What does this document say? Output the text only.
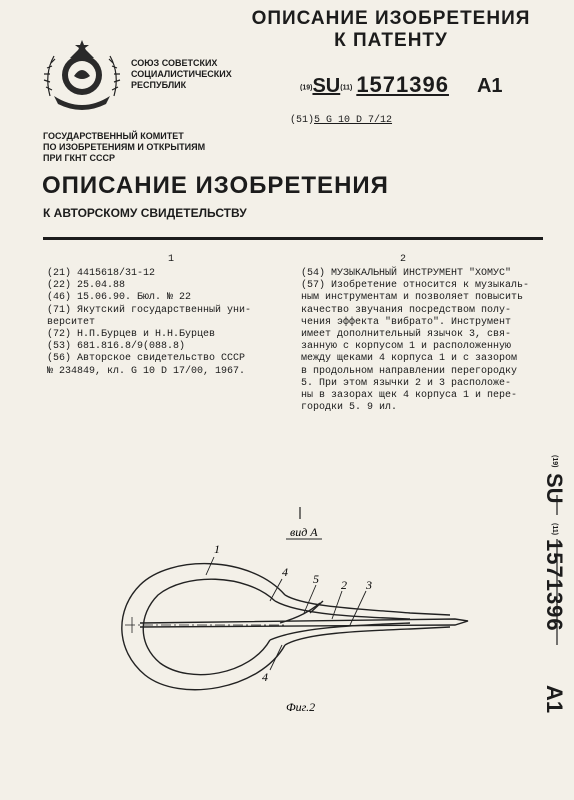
ОПИСАНИЕ ИЗОБРЕТЕНИЯ
К ПАТЕНТУ
СОЮЗ СОВЕТСКИХ
СОЦИАЛИСТИЧЕСКИХ
РЕСПУБЛИК	(19)SU(11) 1571396 A1
(51)5 G 10 D 7/12
ГОСУДАРСТВЕННЫЙ КОМИТЕТ
ПО ИЗОБРЕТЕНИЯМ И ОТКРЫТИЯМ
ПРИ ГКНТ СССР
ОПИСАНИЕ ИЗОБРЕТЕНИЯ
К АВТОРСКОМУ СВИДЕТЕЛЬСТВУ
1	2
(21) 4415618/31-12
(22) 25.04.88
(46) 15.06.90. Бюл. № 22
(71) Якутский государственный уни-
верситет
(72) Н.П.Бурцев и Н.Н.Бурцев
(53) 681.816.8/9(088.8)
(56) Авторское свидетельство СССР
№ 234849, кл. G 10 D 17/00, 1967.
(54) МУЗЫКАЛЬНЫЙ ИНСТРУМЕНТ "ХОМУС"
(57) Изобретение относится к музыкаль-
ным инструментам и позволяет повысить
качество звучания посредством полу-
чения эффекта "вибрато". Инструмент
имеет дополнительный язычок 3, свя-
занную с корпусом 1 и расположенную
между щеками 4 корпуса 1 и с зазором
в продольном направлении перегородку
5. При этом язычки 2 и 3 расположе-
ны в зазорах щек 4 корпуса 1 и пере-
городки 5. 9 ил.
вид А
1
4 5 2 3
4
Фиг.2
(19)
SU
(11)
1571396
A1
